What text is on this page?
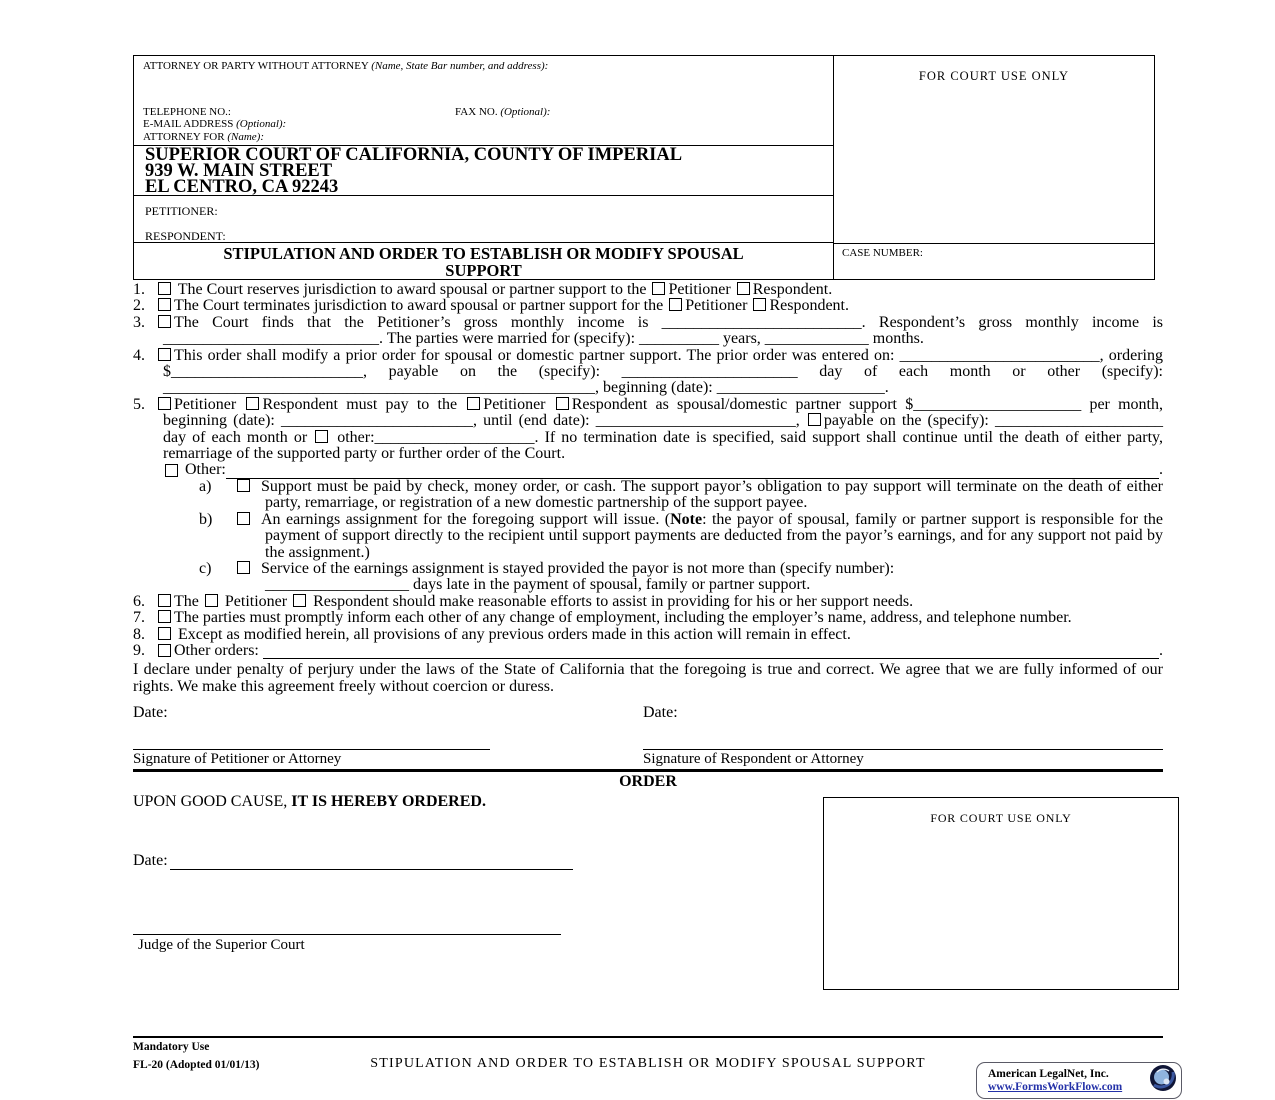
ATTORNEY OR PARTY WITHOUT ATTORNEY (Name, State Bar number, and address):
TELEPHONE NO.:	FAX NO. (Optional):
E-MAIL ADDRESS (Optional):
ATTORNEY FOR (Name):
SUPERIOR COURT OF CALIFORNIA, COUNTY OF IMPERIAL
939 W. MAIN STREET
EL CENTRO, CA 92243
PETITIONER:
RESPONDENT:
STIPULATION AND ORDER TO ESTABLISH OR MODIFY SPOUSAL
SUPPORT
FOR COURT USE ONLY
CASE NUMBER:

1. The Court reserves jurisdiction to award spousal or partner support to the Petitioner Respondent.

2. The Court terminates jurisdiction to award spousal or partner support for the Petitioner Respondent.

3. The Court finds that the Petitioner’s gross monthly income is _________________________. Respondent’s gross monthly income is ___________________________. The parties were married for (specify): __________ years, _____________ months.

4. This order shall modify a prior order for spousal or domestic partner support. The prior order was entered on: _________________________, ordering $________________________, payable on the (specify): ______________________ day of each month or other (specify): ______________________________________________________, beginning (date): _____________________.

5. Petitioner Respondent must pay to the Petitioner Respondent as spousal/domestic partner support $_____________________ per month, beginning (date): ________________________, until (end date): _________________________, payable on the (specify): _____________________ day of each month or  other:____________________. If no termination date is specified, said support shall continue until the death of either party, remarriage of the supported party or further order of the Court.

Other:	.

a)	Support must be paid by check, money order, or cash. The support payor’s obligation to pay support will terminate on the death of either party, remarriage, or registration of a new domestic partnership of the support payee.

b)	An earnings assignment for the foregoing support will issue. (Note: the payor of spousal, family or partner support is responsible for the payment of support directly to the recipient until support payments are deducted from the payor’s earnings, and for any support not paid by the assignment.)

c)	Service of the earnings assignment is stayed provided the payor is not more than (specify number):
__________________ days late in the payment of spousal, family or partner support.

6. The  Petitioner  Respondent should make reasonable efforts to assist in providing for his or her support needs.

7. The parties must promptly inform each other of any change of employment, including the employer’s name, address, and telephone number.

8. Except as modified herein, all provisions of any previous orders made in this action will remain in effect.

9.	Other orders:	.
I declare under penalty of perjury under the laws of the State of California that the foregoing is true and correct. We agree that we are fully informed of our rights. We make this agreement freely without coercion or duress.
Date:	Date:
Signature of Petitioner or Attorney	Signature of Respondent or Attorney
ORDER
UPON GOOD CAUSE, IT IS HEREBY ORDERED.
Date:
Judge of the Superior Court
FOR COURT USE ONLY
Mandatory Use
FL-20 (Adopted 01/01/13)	STIPULATION AND ORDER TO ESTABLISH OR MODIFY SPOUSAL SUPPORT
American LegalNet, Inc.
www.FormsWorkFlow.com
